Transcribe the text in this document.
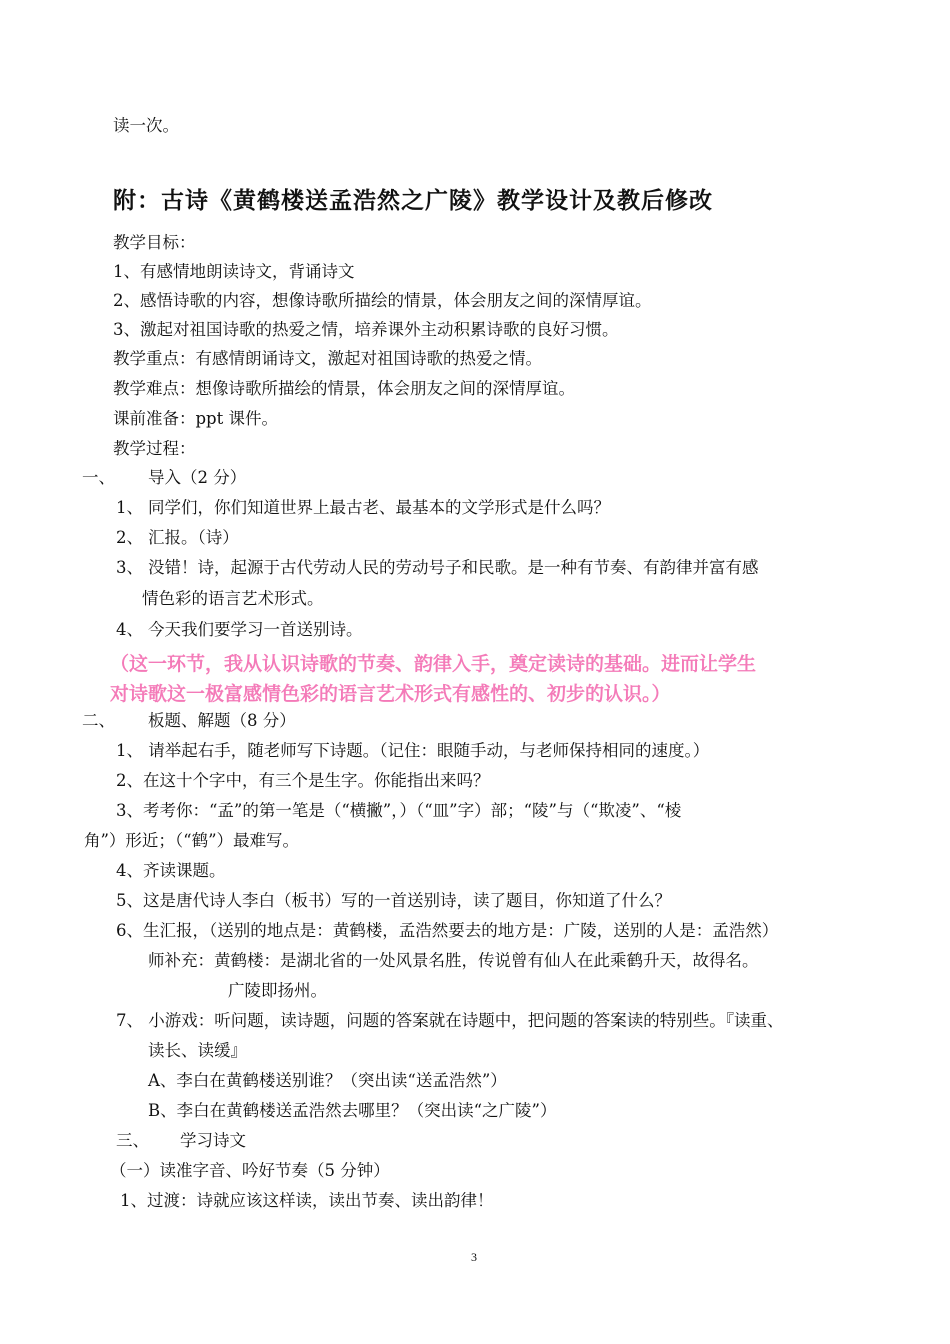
读一次。
附：古诗《黄鹤楼送孟浩然之广陵》教学设计及教后修改
教学目标：
1、有感情地朗读诗文，背诵诗文
2、感悟诗歌的内容，想像诗歌所描绘的情景，体会朋友之间的深情厚谊。
3、激起对祖国诗歌的热爱之情，培养课外主动积累诗歌的良好习惯。
教学重点：有感情朗诵诗文，激起对祖国诗歌的热爱之情。
教学难点：想像诗歌所描绘的情景，体会朋友之间的深情厚谊。
课前准备：ppt 课件。
教学过程：
一、 导入（2 分）
1、 同学们，你们知道世界上最古老、最基本的文学形式是什么吗？
2、 汇报。（诗）
3、 没错！诗，起源于古代劳动人民的劳动号子和民歌。是一种有节奏、有韵律并富有感
情色彩的语言艺术形式。
4、 今天我们要学习一首送别诗。
（这一环节，我从认识诗歌的节奏、韵律入手，奠定读诗的基础。进而让学生
对诗歌这一极富感情色彩的语言艺术形式有感性的、初步的认识。）
二、 板题、解题（8 分）
1、 请举起右手，随老师写下诗题。（记住：眼随手动，与老师保持相同的速度。）
2、在这十个字中，有三个是生字。你能指出来吗？
3、考考你：“孟”的第一笔是（“横撇”，）（“皿”字）部；“陵”与（“欺凌”、“棱
角”）形近；（“鹤”）最难写。
4、齐读课题。
5、这是唐代诗人李白（板书）写的一首送别诗，读了题目，你知道了什么？
6、生汇报，（送别的地点是：黄鹤楼，孟浩然要去的地方是：广陵，送别的人是：孟浩然）
师补充：黄鹤楼：是湖北省的一处风景名胜，传说曾有仙人在此乘鹤升天，故得名。
广陵即扬州。
7、 小游戏：听问题，读诗题，问题的答案就在诗题中，把问题的答案读的特别些。『读重、
读长、读缓』
A、李白在黄鹤楼送别谁？（突出读“送孟浩然”）
B、李白在黄鹤楼送孟浩然去哪里？（突出读“之广陵”）
三、 学习诗文
（一）读准字音、吟好节奏（5 分钟）
1、过渡：诗就应该这样读，读出节奏、读出韵律！
3
